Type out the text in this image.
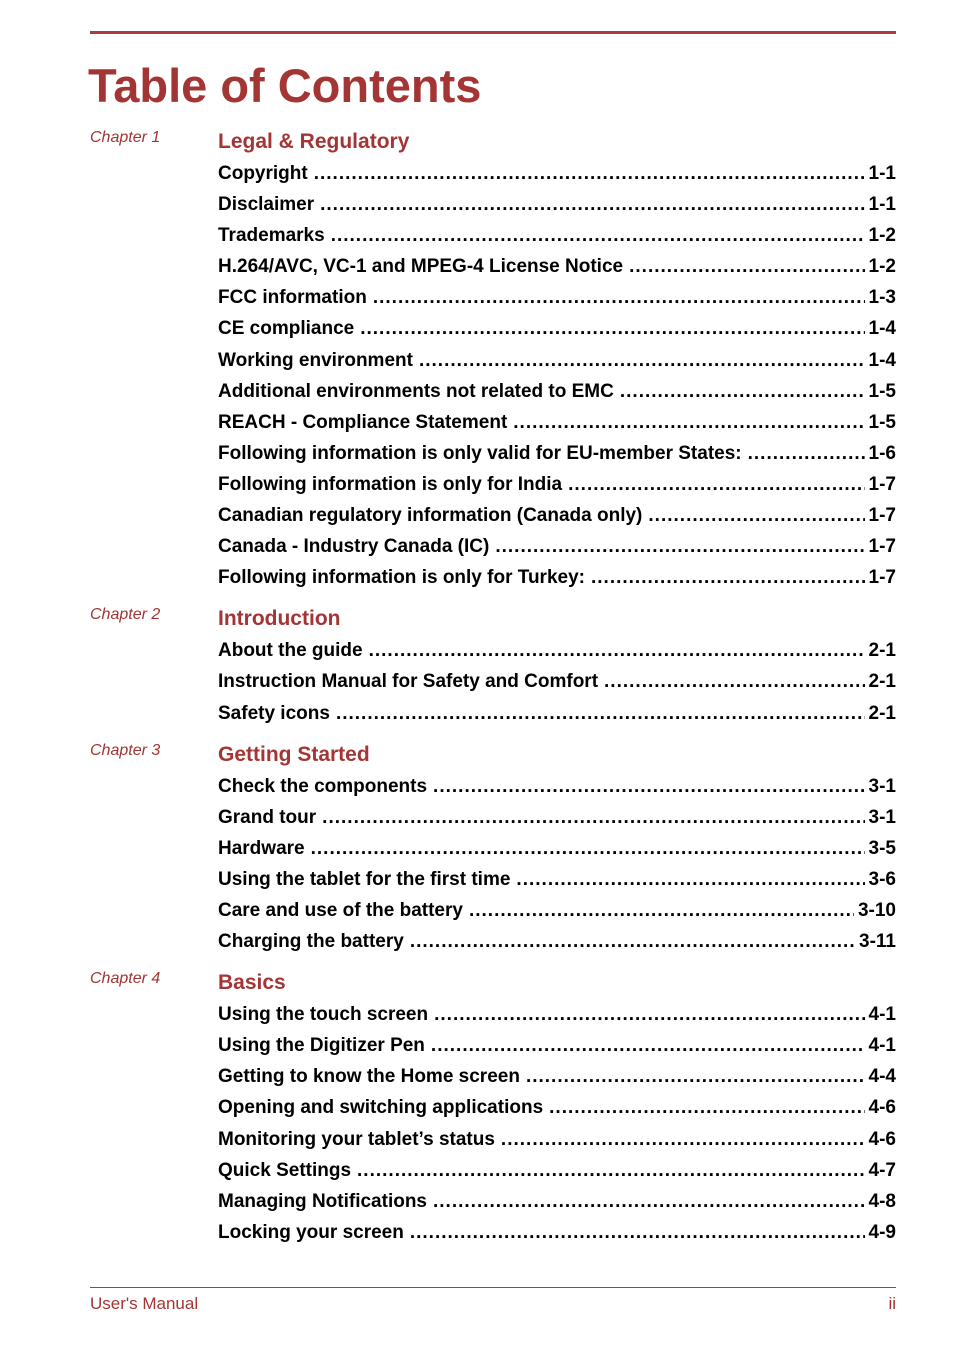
Table of Contents
Chapter 1	Legal & Regulatory
Copyright .....	1-1
Disclaimer .....	1-1
Trademarks .....	1-2
H.264/AVC, VC-1 and MPEG-4 License Notice .....	1-2
FCC information .....	1-3
CE compliance .....	1-4
Working environment .....	1-4
Additional environments not related to EMC .....	1-5
REACH - Compliance Statement .....	1-5
Following information is only valid for EU-member States: .....	1-6
Following information is only for India .....	1-7
Canadian regulatory information (Canada only) .....	1-7
Canada - Industry Canada (IC) .....	1-7
Following information is only for Turkey: .....	1-7
Chapter 2	Introduction
About the guide .....	2-1
Instruction Manual for Safety and Comfort .....	2-1
Safety icons .....	2-1
Chapter 3	Getting Started
Check the components .....	3-1
Grand tour .....	3-1
Hardware .....	3-5
Using the tablet for the first time .....	3-6
Care and use of the battery .....	3-10
Charging the battery .....	3-11
Chapter 4	Basics
Using the touch screen .....	4-1
Using the Digitizer Pen .....	4-1
Getting to know the Home screen .....	4-4
Opening and switching applications .....	4-6
Monitoring your tablet’s status .....	4-6
Quick Settings .....	4-7
Managing Notifications .....	4-8
Locking your screen .....	4-9
User's Manual	ii
